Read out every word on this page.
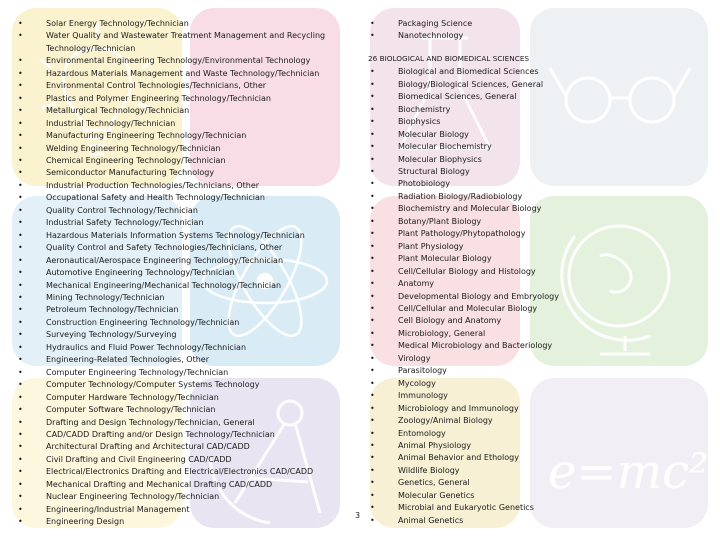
e=mc²
•	Solar Energy Technology/Technician
•	Water Quality and Wastewater Treatment Management and Recycling Technology/Technician
•	Environmental Engineering Technology/Environmental Technology
•	Hazardous Materials Management and Waste Technology/Technician
•	Environmental Control Technologies/Technicians, Other
•	Plastics and Polymer Engineering Technology/Technician
•	Metallurgical Technology/Technician
•	Industrial Technology/Technician
•	Manufacturing Engineering Technology/Technician
•	Welding Engineering Technology/Technician
•	Chemical Engineering Technology/Technician
•	Semiconductor Manufacturing Technology
•	Industrial Production Technologies/Technicians, Other
•	Occupational Safety and Health Technology/Technician
•	Quality Control Technology/Technician
•	Industrial Safety Technology/Technician
•	Hazardous Materials Information Systems Technology/Technician
•	Quality Control and Safety Technologies/Technicians, Other
•	Aeronautical/Aerospace Engineering Technology/Technician
•	Automotive Engineering Technology/Technician
•	Mechanical Engineering/Mechanical Technology/Technician
•	Mining Technology/Technician
•	Petroleum Technology/Technician
•	Construction Engineering Technology/Technician
•	Surveying Technology/Surveying
•	Hydraulics and Fluid Power Technology/Technician
•	Engineering-Related Technologies, Other
•	Computer Engineering Technology/Technician
•	Computer Technology/Computer Systems Technology
•	Computer Hardware Technology/Technician
•	Computer Software Technology/Technician
•	Drafting and Design Technology/Technician, General
•	CAD/CADD Drafting and/or Design Technology/Technician
•	Architectural Drafting and Architectural CAD/CADD
•	Civil Drafting and Civil Engineering CAD/CADD
•	Electrical/Electronics Drafting and Electrical/Electronics CAD/CADD
•	Mechanical Drafting and Mechanical Drafting CAD/CADD
•	Nuclear Engineering Technology/Technician
•	Engineering/Industrial Management
•	Engineering Design
•	Packaging Science
•	Nanotechnology
26 BIOLOGICAL AND BIOMEDICAL SCIENCES
•	Biological and Biomedical Sciences
•	Biology/Biological Sciences, General
•	Biomedical Sciences, General
•	Biochemistry
•	Biophysics
•	Molecular Biology
•	Molecular Biochemistry
•	Molecular Biophysics
•	Structural Biology
•	Photobiology
•	Radiation Biology/Radiobiology
•	Biochemistry and Molecular Biology
•	Botany/Plant Biology
•	Plant Pathology/Phytopathology
•	Plant Physiology
•	Plant Molecular Biology
•	Cell/Cellular Biology and Histology
•	Anatomy
•	Developmental Biology and Embryology
•	Cell/Cellular and Molecular Biology
•	Cell Biology and Anatomy
•	Microbiology, General
•	Medical Microbiology and Bacteriology
•	Virology
•	Parasitology
•	Mycology
•	Immunology
•	Microbiology and Immunology
•	Zoology/Animal Biology
•	Entomology
•	Animal Physiology
•	Animal Behavior and Ethology
•	Wildlife Biology
•	Genetics, General
•	Molecular Genetics
•	Microbial and Eukaryotic Genetics
•	Animal Genetics
3
